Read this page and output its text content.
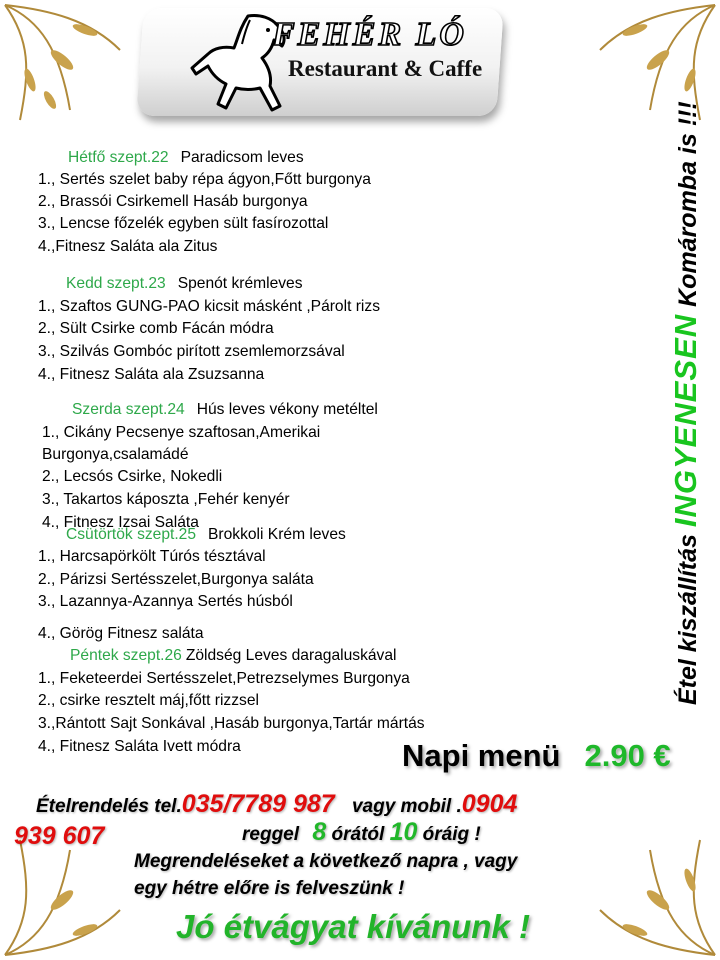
FEHÉR LÓ
Restaurant & Caffe
Hétfő szept.22 Paradicsom leves
1., Sertés szelet baby répa ágyon,Főtt burgonya
2., Brassói Csirkemell Hasáb burgonya
3., Lencse főzelék egyben sült fasírozottal
4.,Fitnesz Saláta ala Zitus
Kedd szept.23 Spenót krémleves
1., Szaftos GUNG-PAO kicsit másként ,Párolt rizs
2., Sült Csirke comb Fácán módra
3., Szilvás Gombóc pirított zsemlemorzsával
4., Fitnesz Saláta ala Zsuzsanna
Szerda szept.24 Hús leves vékony metéltel
1., Cikány Pecsenye szaftosan,Amerikai
Burgonya,csalamádé
2., Lecsós Csirke, Nokedli
3., Takartos káposzta ,Fehér kenyér
4., Fitnesz Izsai Saláta
Csütörtök szept.25 Brokkoli Krém leves
1., Harcsapörkölt Túrós tésztával
2., Párizsi Sertésszelet,Burgonya saláta
3., Lazannya-Azannya Sertés húsból
4., Görög Fitnesz saláta
Péntek szept.26 Zöldség Leves daragaluskával
1., Feketeerdei Sertésszelet,Petrezselymes Burgonya
2., csirke resztelt máj,főtt rizzsel
3.,Rántott Sajt Sonkával ,Hasáb burgonya,Tartár mártás
4., Fitnesz Saláta Ivett módra
Étel kiszállítás INGYENESEN Komáromba is !!!
Napi menü 2.90 €
Ételrendelés tel.035/7789 987 vagy mobil .0904
939 607	reggel 8 órától 10 óráig !
Megrendeléseket a következő napra , vagy
egy hétre előre is felveszünk !
Jó étvágyat kívánunk !
